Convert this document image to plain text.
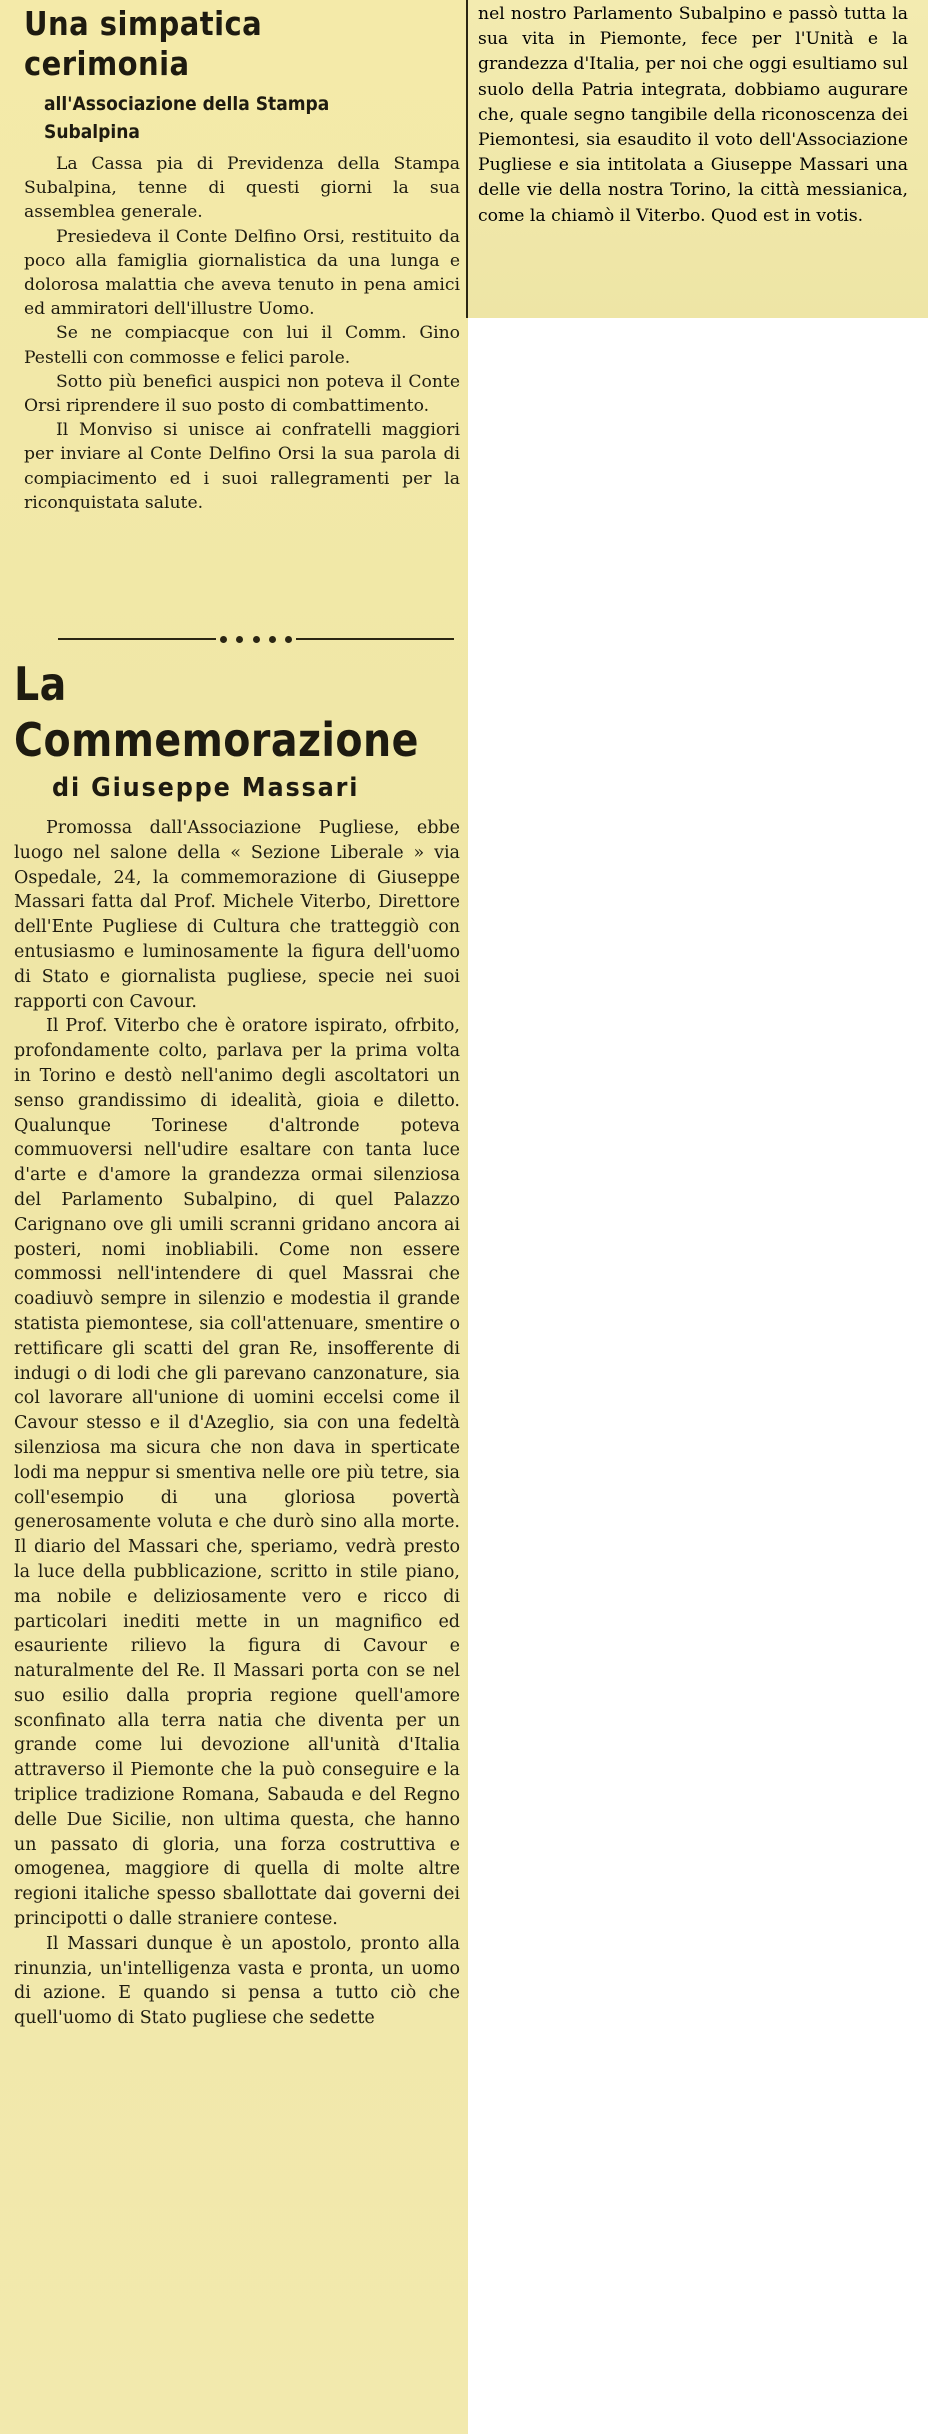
Una simpatica cerimonia
all'Associazione della Stampa Subalpina

La Cassa pia di Previdenza della Stampa Subalpina, tenne di questi giorni la sua assemblea generale.

Presiedeva il Conte Delfino Orsi, restituito da poco alla famiglia giornalistica da una lunga e dolorosa malattia che aveva tenuto in pena amici ed ammiratori dell'illustre Uomo.

Se ne compiacque con lui il Comm. Gino Pestelli con commosse e felici parole.

Sotto più benefici auspici non poteva il Conte Orsi riprendere il suo posto di combattimento.

Il Monviso si unisce ai confratelli maggiori per inviare al Conte Delfino Orsi la sua parola di compiacimento ed i suoi rallegramenti per la riconquistata salute.

La Commemorazione
di Giuseppe Massari

Promossa dall'Associazione Pugliese, ebbe luogo nel salone della « Sezione Liberale » via Ospedale, 24, la commemorazione di Giuseppe Massari fatta dal Prof. Michele Viterbo, Direttore dell'Ente Pugliese di Cultura che tratteggiò con entusiasmo e luminosamente la figura dell'uomo di Stato e giornalista pugliese, specie nei suoi rapporti con Cavour.

Il Prof. Viterbo che è oratore ispirato, ofrbito, profondamente colto, parlava per la prima volta in Torino e destò nell'animo degli ascoltatori un senso grandissimo di idealità, gioia e diletto. Qualunque Torinese d'altronde poteva commuoversi nell'udire esaltare con tanta luce d'arte e d'amore la grandezza ormai silenziosa del Parlamento Subalpino, di quel Palazzo Carignano ove gli umili scranni gridano ancora ai posteri, nomi inobliabili. Come non essere commossi nell'intendere di quel Massrai che coadiuvò sempre in silenzio e modestia il grande statista piemontese, sia coll'attenuare, smentire o rettificare gli scatti del gran Re, insofferente di indugi o di lodi che gli parevano canzonature, sia col lavorare all'unione di uomini eccelsi come il Cavour stesso e il d'Azeglio, sia con una fedeltà silenziosa ma sicura che non dava in sperticate lodi ma neppur si smentiva nelle ore più tetre, sia coll'esempio di una gloriosa povertà generosamente voluta e che durò sino alla morte. Il diario del Massari che, speriamo, vedrà presto la luce della pubblicazione, scritto in stile piano, ma nobile e deliziosamente vero e ricco di particolari inediti mette in un magnifico ed esauriente rilievo la figura di Cavour e naturalmente del Re. Il Massari porta con se nel suo esilio dalla propria regione quell'amore sconfinato alla terra natia che diventa per un grande come lui devozione all'unità d'Italia attraverso il Piemonte che la può conseguire e la triplice tradizione Romana, Sabauda e del Regno delle Due Sicilie, non ultima questa, che hanno un passato di gloria, una forza costruttiva e omogenea, maggiore di quella di molte altre regioni italiche spesso sballottate dai governi dei principotti o dalle straniere contese.

Il Massari dunque è un apostolo, pronto alla rinunzia, un'intelligenza vasta e pronta, un uomo di azione. E quando si pensa a tutto ciò che quell'uomo di Stato pugliese che sedette

nel nostro Parlamento Subalpino e passò tutta la sua vita in Piemonte, fece per l'Unità e la grandezza d'Italia, per noi che oggi esultiamo sul suolo della Patria integrata, dobbiamo augurare che, quale segno tangibile della riconoscenza dei Piemontesi, sia esaudito il voto dell'Associazione Pugliese e sia intitolata a Giuseppe Massari una delle vie della nostra Torino, la città messianica, come la chiamò il Viterbo. Quod est in votis.
